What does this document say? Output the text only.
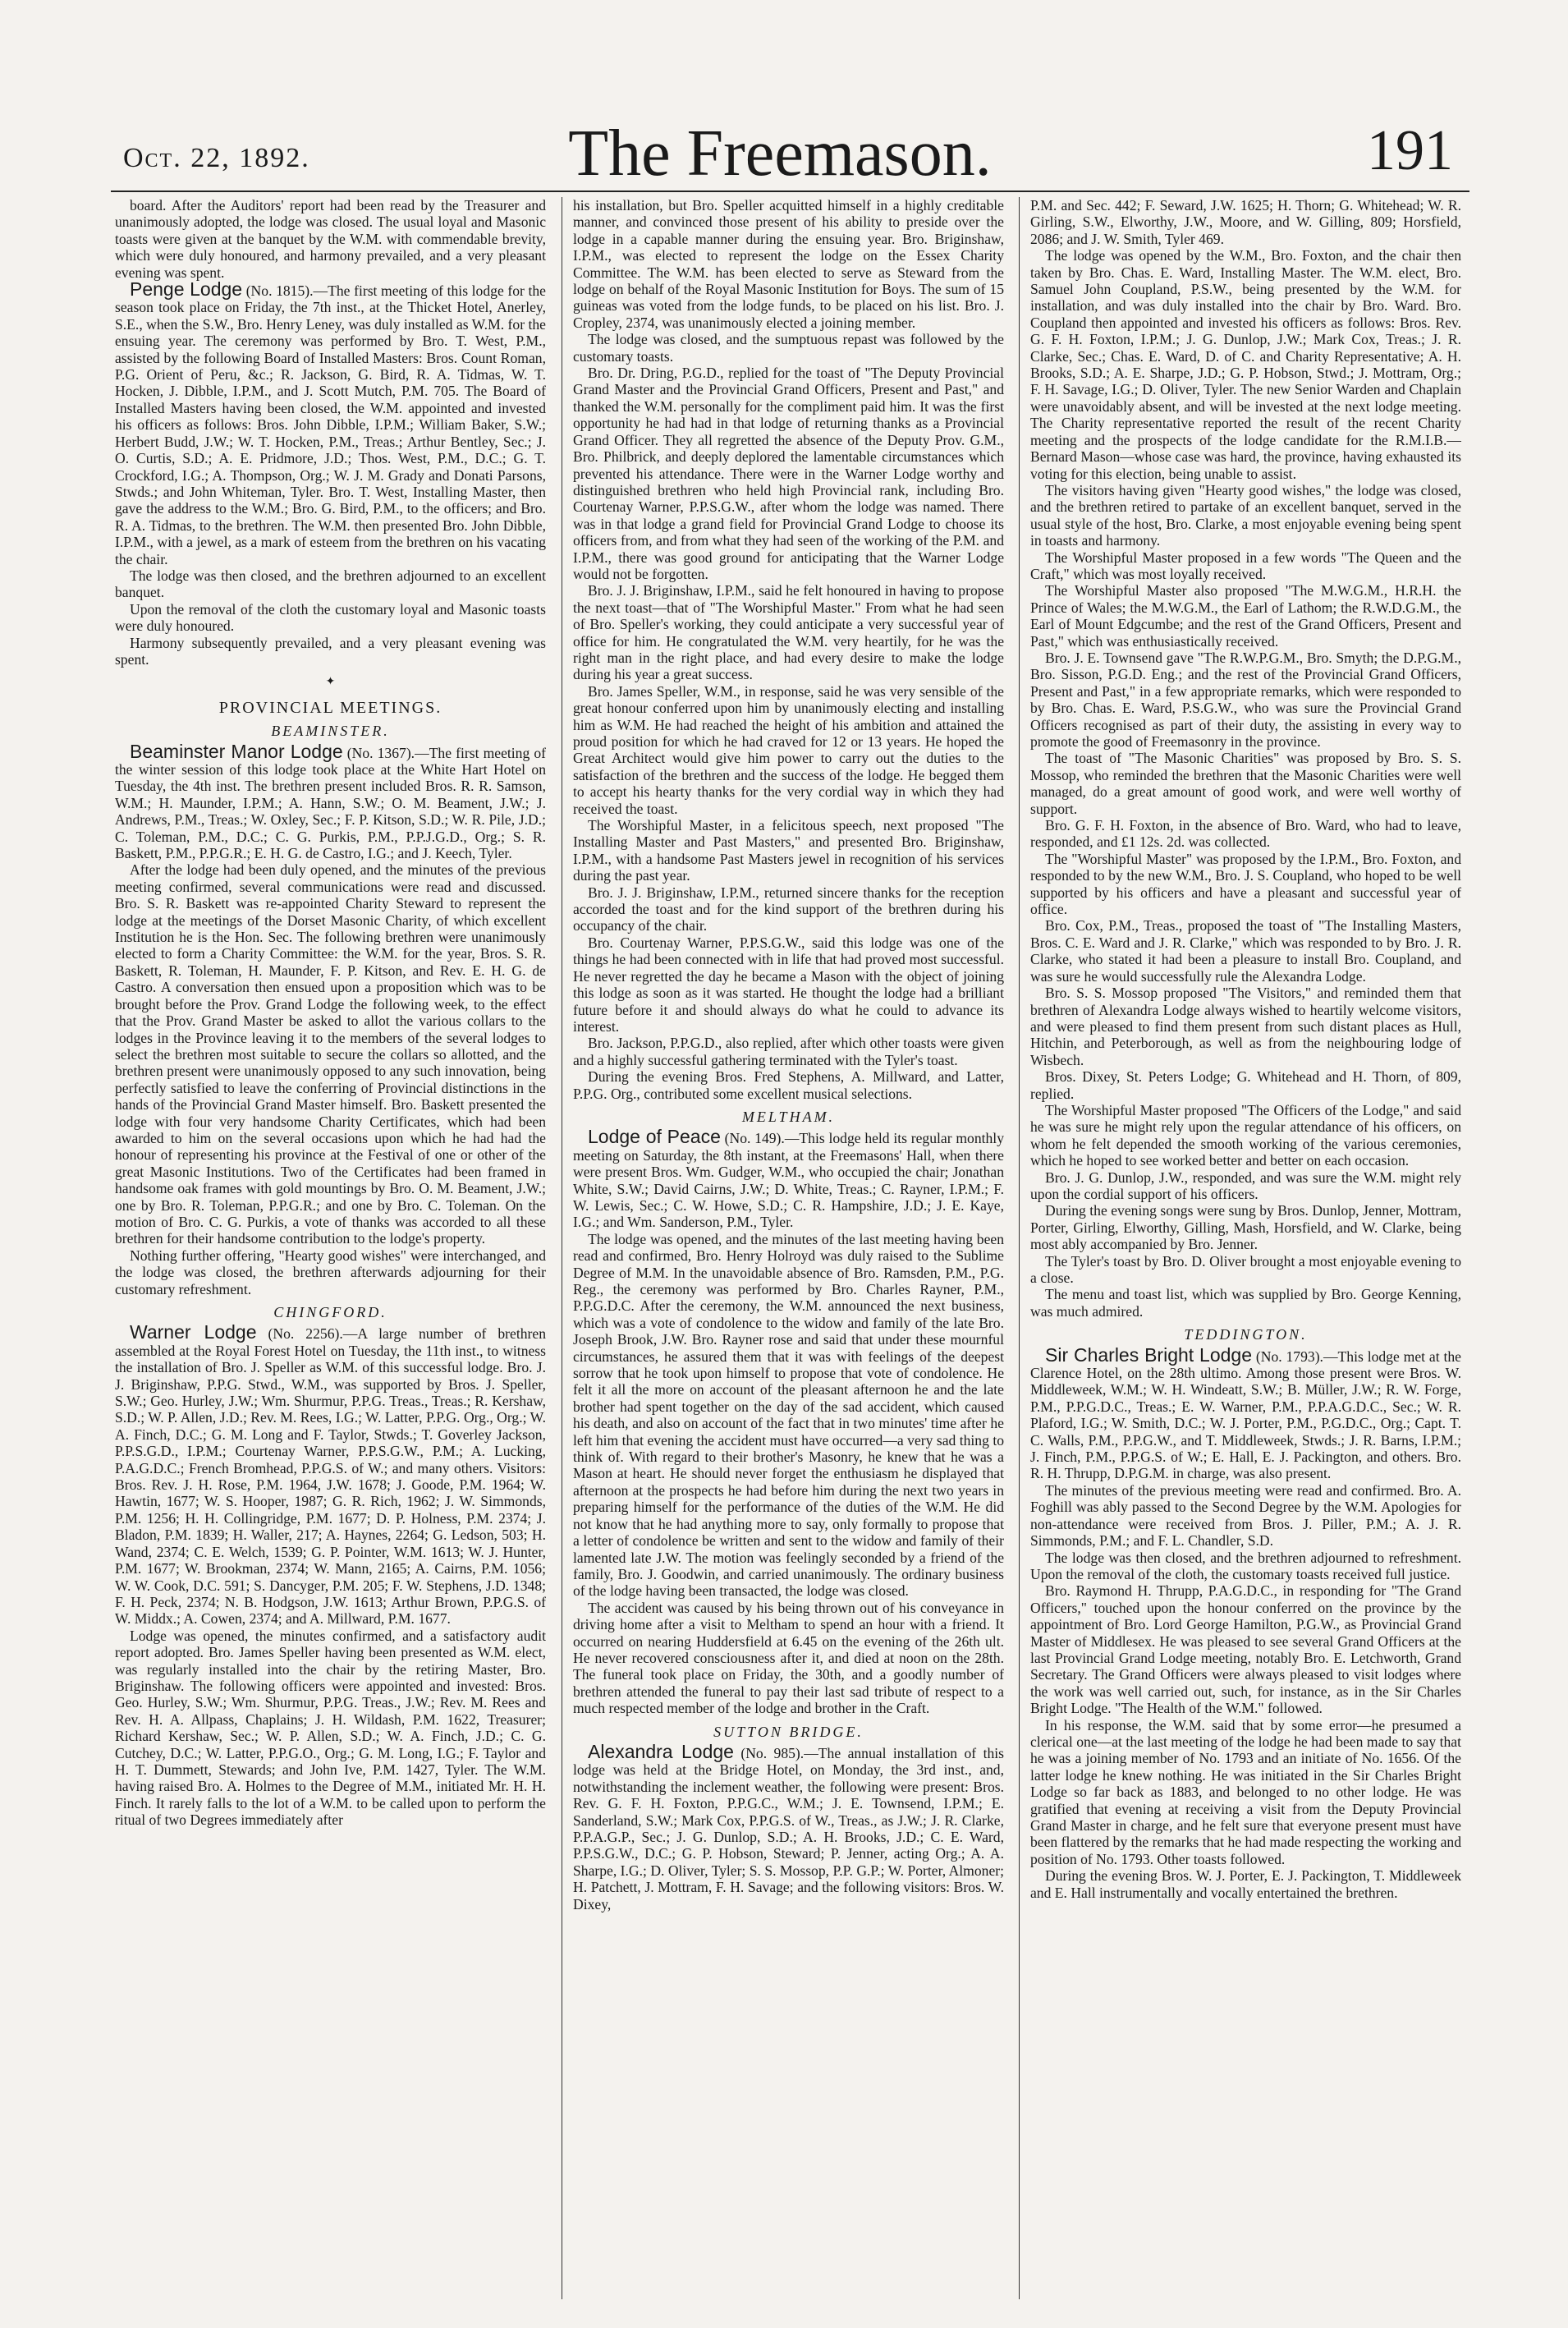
Oct. 22, 1892.	The Freemason.	191

board. After the Auditors' report had been read by the Treasurer and unanimously adopted, the lodge was closed. The usual loyal and Masonic toasts were given at the banquet by the W.M. with commendable brevity, which were duly honoured, and harmony prevailed, and a very pleasant evening was spent.

Penge Lodge (No. 1815).—The first meeting of this lodge for the season took place on Friday, the 7th inst., at the Thicket Hotel, Anerley, S.E., when the S.W., Bro. Henry Leney, was duly installed as W.M. for the ensuing year. The ceremony was performed by Bro. T. West, P.M., assisted by the following Board of Installed Masters: Bros. Count Roman, P.G. Orient of Peru, &c.; R. Jackson, G. Bird, R. A. Tidmas, W. T. Hocken, J. Dibble, I.P.M., and J. Scott Mutch, P.M. 705. The Board of Installed Masters having been closed, the W.M. appointed and invested his officers as follows: Bros. John Dibble, I.P.M.; William Baker, S.W.; Herbert Budd, J.W.; W. T. Hocken, P.M., Treas.; Arthur Bentley, Sec.; J. O. Curtis, S.D.; A. E. Pridmore, J.D.; Thos. West, P.M., D.C.; G. T. Crockford, I.G.; A. Thompson, Org.; W. J. M. Grady and Donati Parsons, Stwds.; and John Whiteman, Tyler. Bro. T. West, Installing Master, then gave the address to the W.M.; Bro. G. Bird, P.M., to the officers; and Bro. R. A. Tidmas, to the brethren. The W.M. then presented Bro. John Dibble, I.P.M., with a jewel, as a mark of esteem from the brethren on his vacating the chair.

The lodge was then closed, and the brethren adjourned to an excellent banquet.

Upon the removal of the cloth the customary loyal and Masonic toasts were duly honoured.

Harmony subsequently prevailed, and a very pleasant evening was spent.

✦
PROVINCIAL MEETINGS.
BEAMINSTER.

Beaminster Manor Lodge (No. 1367).—The first meeting of the winter session of this lodge took place at the White Hart Hotel on Tuesday, the 4th inst. The brethren present included Bros. R. R. Samson, W.M.; H. Maunder, I.P.M.; A. Hann, S.W.; O. M. Beament, J.W.; J. Andrews, P.M., Treas.; W. Oxley, Sec.; F. P. Kitson, S.D.; W. R. Pile, J.D.; C. Toleman, P.M., D.C.; C. G. Purkis, P.M., P.P.J.G.D., Org.; S. R. Baskett, P.M., P.P.G.R.; E. H. G. de Castro, I.G.; and J. Keech, Tyler.

After the lodge had been duly opened, and the minutes of the previous meeting confirmed, several communications were read and discussed. Bro. S. R. Baskett was re-appointed Charity Steward to represent the lodge at the meetings of the Dorset Masonic Charity, of which excellent Institution he is the Hon. Sec. The following brethren were unanimously elected to form a Charity Committee: the W.M. for the year, Bros. S. R. Baskett, R. Toleman, H. Maunder, F. P. Kitson, and Rev. E. H. G. de Castro. A conversation then ensued upon a proposition which was to be brought before the Prov. Grand Lodge the following week, to the effect that the Prov. Grand Master be asked to allot the various collars to the lodges in the Province leaving it to the members of the several lodges to select the brethren most suitable to secure the collars so allotted, and the brethren present were unanimously opposed to any such innovation, being perfectly satisfied to leave the conferring of Provincial distinctions in the hands of the Provincial Grand Master himself. Bro. Baskett presented the lodge with four very handsome Charity Certificates, which had been awarded to him on the several occasions upon which he had had the honour of representing his province at the Festival of one or other of the great Masonic Institutions. Two of the Certificates had been framed in handsome oak frames with gold mountings by Bro. O. M. Beament, J.W.; one by Bro. R. Toleman, P.P.G.R.; and one by Bro. C. Toleman. On the motion of Bro. C. G. Purkis, a vote of thanks was accorded to all these brethren for their handsome contribution to the lodge's property.

Nothing further offering, "Hearty good wishes" were interchanged, and the lodge was closed, the brethren afterwards adjourning for their customary refreshment.

CHINGFORD.

Warner Lodge (No. 2256).—A large number of brethren assembled at the Royal Forest Hotel on Tuesday, the 11th inst., to witness the installation of Bro. J. Speller as W.M. of this successful lodge. Bro. J. J. Briginshaw, P.P.G. Stwd., W.M., was supported by Bros. J. Speller, S.W.; Geo. Hurley, J.W.; Wm. Shurmur, P.P.G. Treas., Treas.; R. Kershaw, S.D.; W. P. Allen, J.D.; Rev. M. Rees, I.G.; W. Latter, P.P.G. Org., Org.; W. A. Finch, D.C.; G. M. Long and F. Taylor, Stwds.; T. Goverley Jackson, P.P.S.G.D., I.P.M.; Courtenay Warner, P.P.S.G.W., P.M.; A. Lucking, P.A.G.D.C.; French Bromhead, P.P.G.S. of W.; and many others. Visitors: Bros. Rev. J. H. Rose, P.M. 1964, J.W. 1678; J. Goode, P.M. 1964; W. Hawtin, 1677; W. S. Hooper, 1987; G. R. Rich, 1962; J. W. Simmonds, P.M. 1256; H. H. Collingridge, P.M. 1677; D. P. Holness, P.M. 2374; J. Bladon, P.M. 1839; H. Waller, 217; A. Haynes, 2264; G. Ledson, 503; H. Wand, 2374; C. E. Welch, 1539; G. P. Pointer, W.M. 1613; W. J. Hunter, P.M. 1677; W. Brookman, 2374; W. Mann, 2165; A. Cairns, P.M. 1056; W. W. Cook, D.C. 591; S. Dancyger, P.M. 205; F. W. Stephens, J.D. 1348; F. H. Peck, 2374; N. B. Hodgson, J.W. 1613; Arthur Brown, P.P.G.S. of W. Middx.; A. Cowen, 2374; and A. Millward, P.M. 1677.

Lodge was opened, the minutes confirmed, and a satisfactory audit report adopted. Bro. James Speller having been presented as W.M. elect, was regularly installed into the chair by the retiring Master, Bro. Briginshaw. The following officers were appointed and invested: Bros. Geo. Hurley, S.W.; Wm. Shurmur, P.P.G. Treas., J.W.; Rev. M. Rees and Rev. H. A. Allpass, Chaplains; J. H. Wildash, P.M. 1622, Treasurer; Richard Kershaw, Sec.; W. P. Allen, S.D.; W. A. Finch, J.D.; C. G. Cutchey, D.C.; W. Latter, P.P.G.O., Org.; G. M. Long, I.G.; F. Taylor and H. T. Dummett, Stewards; and John Ive, P.M. 1427, Tyler. The W.M. having raised Bro. A. Holmes to the Degree of M.M., initiated Mr. H. H. Finch. It rarely falls to the lot of a W.M. to be called upon to perform the ritual of two Degrees immediately after

his installation, but Bro. Speller acquitted himself in a highly creditable manner, and convinced those present of his ability to preside over the lodge in a capable manner during the ensuing year. Bro. Briginshaw, I.P.M., was elected to represent the lodge on the Essex Charity Committee. The W.M. has been elected to serve as Steward from the lodge on behalf of the Royal Masonic Institution for Boys. The sum of 15 guineas was voted from the lodge funds, to be placed on his list. Bro. J. Cropley, 2374, was unanimously elected a joining member.

The lodge was closed, and the sumptuous repast was followed by the customary toasts.

Bro. Dr. Dring, P.G.D., replied for the toast of "The Deputy Provincial Grand Master and the Provincial Grand Officers, Present and Past," and thanked the W.M. personally for the compliment paid him. It was the first opportunity he had had in that lodge of returning thanks as a Provincial Grand Officer. They all regretted the absence of the Deputy Prov. G.M., Bro. Philbrick, and deeply deplored the lamentable circumstances which prevented his attendance. There were in the Warner Lodge worthy and distinguished brethren who held high Provincial rank, including Bro. Courtenay Warner, P.P.S.G.W., after whom the lodge was named. There was in that lodge a grand field for Provincial Grand Lodge to choose its officers from, and from what they had seen of the working of the P.M. and I.P.M., there was good ground for anticipating that the Warner Lodge would not be forgotten.

Bro. J. J. Briginshaw, I.P.M., said he felt honoured in having to propose the next toast—that of "The Worshipful Master." From what he had seen of Bro. Speller's working, they could anticipate a very successful year of office for him. He congratulated the W.M. very heartily, for he was the right man in the right place, and had every desire to make the lodge during his year a great success.

Bro. James Speller, W.M., in response, said he was very sensible of the great honour conferred upon him by unanimously electing and installing him as W.M. He had reached the height of his ambition and attained the proud position for which he had craved for 12 or 13 years. He hoped the Great Architect would give him power to carry out the duties to the satisfaction of the brethren and the success of the lodge. He begged them to accept his hearty thanks for the very cordial way in which they had received the toast.

The Worshipful Master, in a felicitous speech, next proposed "The Installing Master and Past Masters," and presented Bro. Briginshaw, I.P.M., with a handsome Past Masters jewel in recognition of his services during the past year.

Bro. J. J. Briginshaw, I.P.M., returned sincere thanks for the reception accorded the toast and for the kind support of the brethren during his occupancy of the chair.

Bro. Courtenay Warner, P.P.S.G.W., said this lodge was one of the things he had been connected with in life that had proved most successful. He never regretted the day he became a Mason with the object of joining this lodge as soon as it was started. He thought the lodge had a brilliant future before it and should always do what he could to advance its interest.

Bro. Jackson, P.P.G.D., also replied, after which other toasts were given and a highly successful gathering terminated with the Tyler's toast.

During the evening Bros. Fred Stephens, A. Millward, and Latter, P.P.G. Org., contributed some excellent musical selections.

MELTHAM.

Lodge of Peace (No. 149).—This lodge held its regular monthly meeting on Saturday, the 8th instant, at the Freemasons' Hall, when there were present Bros. Wm. Gudger, W.M., who occupied the chair; Jonathan White, S.W.; David Cairns, J.W.; D. White, Treas.; C. Rayner, I.P.M.; F. W. Lewis, Sec.; C. W. Howe, S.D.; C. R. Hampshire, J.D.; J. E. Kaye, I.G.; and Wm. Sanderson, P.M., Tyler.

The lodge was opened, and the minutes of the last meeting having been read and confirmed, Bro. Henry Holroyd was duly raised to the Sublime Degree of M.M. In the unavoidable absence of Bro. Ramsden, P.M., P.G. Reg., the ceremony was performed by Bro. Charles Rayner, P.M., P.P.G.D.C. After the ceremony, the W.M. announced the next business, which was a vote of condolence to the widow and family of the late Bro. Joseph Brook, J.W. Bro. Rayner rose and said that under these mournful circumstances, he assured them that it was with feelings of the deepest sorrow that he took upon himself to propose that vote of condolence. He felt it all the more on account of the pleasant afternoon he and the late brother had spent together on the day of the sad accident, which caused his death, and also on account of the fact that in two minutes' time after he left him that evening the accident must have occurred—a very sad thing to think of. With regard to their brother's Masonry, he knew that he was a Mason at heart. He should never forget the enthusiasm he displayed that afternoon at the prospects he had before him during the next two years in preparing himself for the performance of the duties of the W.M. He did not know that he had anything more to say, only formally to propose that a letter of condolence be written and sent to the widow and family of their lamented late J.W. The motion was feelingly seconded by a friend of the family, Bro. J. Goodwin, and carried unanimously. The ordinary business of the lodge having been transacted, the lodge was closed.

The accident was caused by his being thrown out of his conveyance in driving home after a visit to Meltham to spend an hour with a friend. It occurred on nearing Huddersfield at 6.45 on the evening of the 26th ult. He never recovered consciousness after it, and died at noon on the 28th. The funeral took place on Friday, the 30th, and a goodly number of brethren attended the funeral to pay their last sad tribute of respect to a much respected member of the lodge and brother in the Craft.

SUTTON BRIDGE.

Alexandra Lodge (No. 985).—The annual installation of this lodge was held at the Bridge Hotel, on Monday, the 3rd inst., and, notwithstanding the inclement weather, the following were present: Bros. Rev. G. F. H. Foxton, P.P.G.C., W.M.; J. E. Townsend, I.P.M.; E. Sanderland, S.W.; Mark Cox, P.P.G.S. of W., Treas., as J.W.; J. R. Clarke, P.P.A.G.P., Sec.; J. G. Dunlop, S.D.; A. H. Brooks, J.D.; C. E. Ward, P.P.S.G.W., D.C.; G. P. Hobson, Steward; P. Jenner, acting Org.; A. A. Sharpe, I.G.; D. Oliver, Tyler; S. S. Mossop, P.P. G.P.; W. Porter, Almoner; H. Patchett, J. Mottram, F. H. Savage; and the following visitors: Bros. W. Dixey,

P.M. and Sec. 442; F. Seward, J.W. 1625; H. Thorn; G. Whitehead; W. R. Girling, S.W., Elworthy, J.W., Moore, and W. Gilling, 809; Horsfield, 2086; and J. W. Smith, Tyler 469.

The lodge was opened by the W.M., Bro. Foxton, and the chair then taken by Bro. Chas. E. Ward, Installing Master. The W.M. elect, Bro. Samuel John Coupland, P.S.W., being presented by the W.M. for installation, and was duly installed into the chair by Bro. Ward. Bro. Coupland then appointed and invested his officers as follows: Bros. Rev. G. F. H. Foxton, I.P.M.; J. G. Dunlop, J.W.; Mark Cox, Treas.; J. R. Clarke, Sec.; Chas. E. Ward, D. of C. and Charity Representative; A. H. Brooks, S.D.; A. E. Sharpe, J.D.; G. P. Hobson, Stwd.; J. Mottram, Org.; F. H. Savage, I.G.; D. Oliver, Tyler. The new Senior Warden and Chaplain were unavoidably absent, and will be invested at the next lodge meeting. The Charity representative reported the result of the recent Charity meeting and the prospects of the lodge candidate for the R.M.I.B.—Bernard Mason—whose case was hard, the province, having exhausted its voting for this election, being unable to assist.

The visitors having given "Hearty good wishes," the lodge was closed, and the brethren retired to partake of an excellent banquet, served in the usual style of the host, Bro. Clarke, a most enjoyable evening being spent in toasts and harmony.

The Worshipful Master proposed in a few words "The Queen and the Craft," which was most loyally received.

The Worshipful Master also proposed "The M.W.G.M., H.R.H. the Prince of Wales; the M.W.G.M., the Earl of Lathom; the R.W.D.G.M., the Earl of Mount Edgcumbe; and the rest of the Grand Officers, Present and Past," which was enthusiastically received.

Bro. J. E. Townsend gave "The R.W.P.G.M., Bro. Smyth; the D.P.G.M., Bro. Sisson, P.G.D. Eng.; and the rest of the Provincial Grand Officers, Present and Past," in a few appropriate remarks, which were responded to by Bro. Chas. E. Ward, P.S.G.W., who was sure the Provincial Grand Officers recognised as part of their duty, the assisting in every way to promote the good of Freemasonry in the province.

The toast of "The Masonic Charities" was proposed by Bro. S. S. Mossop, who reminded the brethren that the Masonic Charities were well managed, do a great amount of good work, and were well worthy of support.

Bro. G. F. H. Foxton, in the absence of Bro. Ward, who had to leave, responded, and £1 12s. 2d. was collected.

The "Worshipful Master" was proposed by the I.P.M., Bro. Foxton, and responded to by the new W.M., Bro. J. S. Coupland, who hoped to be well supported by his officers and have a pleasant and successful year of office.

Bro. Cox, P.M., Treas., proposed the toast of "The Installing Masters, Bros. C. E. Ward and J. R. Clarke," which was responded to by Bro. J. R. Clarke, who stated it had been a pleasure to install Bro. Coupland, and was sure he would successfully rule the Alexandra Lodge.

Bro. S. S. Mossop proposed "The Visitors," and reminded them that brethren of Alexandra Lodge always wished to heartily welcome visitors, and were pleased to find them present from such distant places as Hull, Hitchin, and Peterborough, as well as from the neighbouring lodge of Wisbech.

Bros. Dixey, St. Peters Lodge; G. Whitehead and H. Thorn, of 809, replied.

The Worshipful Master proposed "The Officers of the Lodge," and said he was sure he might rely upon the regular attendance of his officers, on whom he felt depended the smooth working of the various ceremonies, which he hoped to see worked better and better on each occasion.

Bro. J. G. Dunlop, J.W., responded, and was sure the W.M. might rely upon the cordial support of his officers.

During the evening songs were sung by Bros. Dunlop, Jenner, Mottram, Porter, Girling, Elworthy, Gilling, Mash, Horsfield, and W. Clarke, being most ably accompanied by Bro. Jenner.

The Tyler's toast by Bro. D. Oliver brought a most enjoyable evening to a close.

The menu and toast list, which was supplied by Bro. George Kenning, was much admired.

TEDDINGTON.

Sir Charles Bright Lodge (No. 1793).—This lodge met at the Clarence Hotel, on the 28th ultimo. Among those present were Bros. W. Middleweek, W.M.; W. H. Windeatt, S.W.; B. Müller, J.W.; R. W. Forge, P.M., P.P.G.D.C., Treas.; E. W. Warner, P.M., P.P.A.G.D.C., Sec.; W. R. Plaford, I.G.; W. Smith, D.C.; W. J. Porter, P.M., P.G.D.C., Org.; Capt. T. C. Walls, P.M., P.P.G.W., and T. Middleweek, Stwds.; J. R. Barns, I.P.M.; J. Finch, P.M., P.P.G.S. of W.; E. Hall, E. J. Packington, and others. Bro. R. H. Thrupp, D.P.G.M. in charge, was also present.

The minutes of the previous meeting were read and confirmed. Bro. A. Foghill was ably passed to the Second Degree by the W.M. Apologies for non-attendance were received from Bros. J. Piller, P.M.; A. J. R. Simmonds, P.M.; and F. L. Chandler, S.D.

The lodge was then closed, and the brethren adjourned to refreshment. Upon the removal of the cloth, the customary toasts received full justice.

Bro. Raymond H. Thrupp, P.A.G.D.C., in responding for "The Grand Officers," touched upon the honour conferred on the province by the appointment of Bro. Lord George Hamilton, P.G.W., as Provincial Grand Master of Middlesex. He was pleased to see several Grand Officers at the last Provincial Grand Lodge meeting, notably Bro. E. Letchworth, Grand Secretary. The Grand Officers were always pleased to visit lodges where the work was well carried out, such, for instance, as in the Sir Charles Bright Lodge. "The Health of the W.M." followed.

In his response, the W.M. said that by some error—he presumed a clerical one—at the last meeting of the lodge he had been made to say that he was a joining member of No. 1793 and an initiate of No. 1656. Of the latter lodge he knew nothing. He was initiated in the Sir Charles Bright Lodge so far back as 1883, and belonged to no other lodge. He was gratified that evening at receiving a visit from the Deputy Provincial Grand Master in charge, and he felt sure that everyone present must have been flattered by the remarks that he had made respecting the working and position of No. 1793. Other toasts followed.

During the evening Bros. W. J. Porter, E. J. Packington, T. Middleweek and E. Hall instrumentally and vocally entertained the brethren.
